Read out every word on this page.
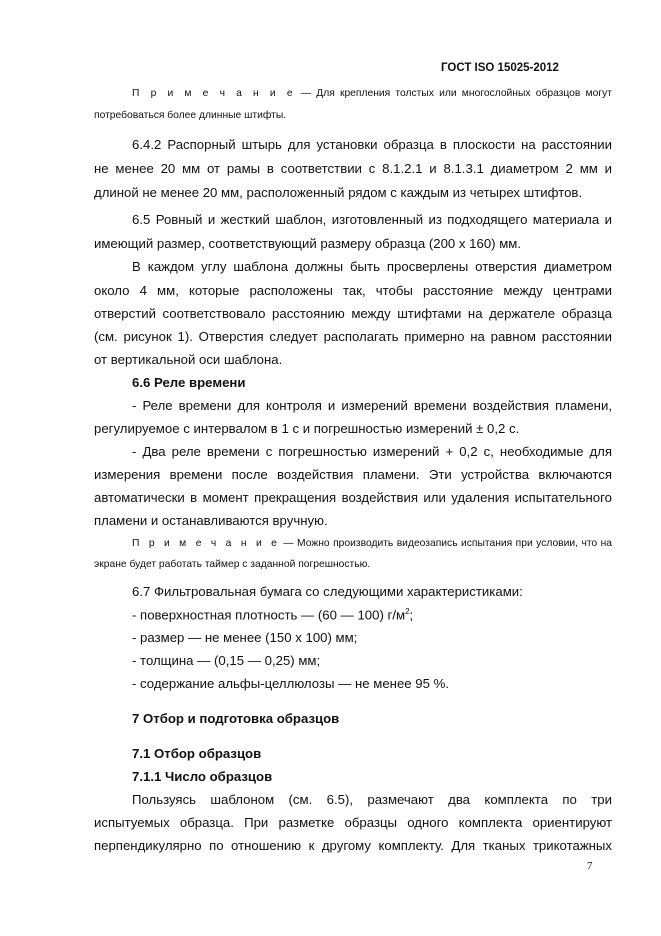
ГОСТ ISO 15025-2012
П р и м е ч а н и е — Для крепления толстых или многослойных образцов могут
потребоваться более длинные штифты.
6.4.2 Распорный штырь для установки образца в плоскости на расстоянии
не менее 20 мм от рамы в соответствии с 8.1.2.1 и 8.1.3.1 диаметром 2 мм и
длиной не менее 20 мм, расположенный рядом с каждым из четырех штифтов.
6.5 Ровный и жесткий шаблон, изготовленный из подходящего материала и
имеющий размер, соответствующий размеру образца (200 х 160) мм.
В каждом углу шаблона должны быть просверлены отверстия диаметром
около 4 мм, которые расположены так, чтобы расстояние между центрами
отверстий соответствовало расстоянию между штифтами на держателе образца
(см. рисунок 1). Отверстия следует располагать примерно на равном расстоянии
от вертикальной оси шаблона.
6.6 Реле времени
- Реле времени для контроля и измерений времени воздействия пламени,
регулируемое с интервалом в 1 с и погрешностью измерений ± 0,2 с.
- Два реле времени с погрешностью измерений + 0,2 с, необходимые для
измерения времени после воздействия пламени. Эти устройства включаются
автоматически в момент прекращения воздействия или удаления испытательного
пламени и останавливаются вручную.
П р и м е ч а н и е — Можно производить видеозапись испытания при условии, что на
экране будет работать таймер с заданной погрешностью.
6.7 Фильтровальная бумага со следующими характеристиками:
- поверхностная плотность — (60 — 100) $г/м^2$;
- размер — не менее (150 х 100) мм;
- толщина — (0,15 — 0,25) мм;
- содержание альфы-целлюлозы — не менее 95 %.
7 Отбор и подготовка образцов
7.1 Отбор образцов
7.1.1 Число образцов
Пользуясь шаблоном (см. 6.5), размечают два комплекта по три
испытуемых образца. При разметке образцы одного комплекта ориентируют
перпендикулярно по отношению к другому комплекту. Для тканых трикотажных
7
